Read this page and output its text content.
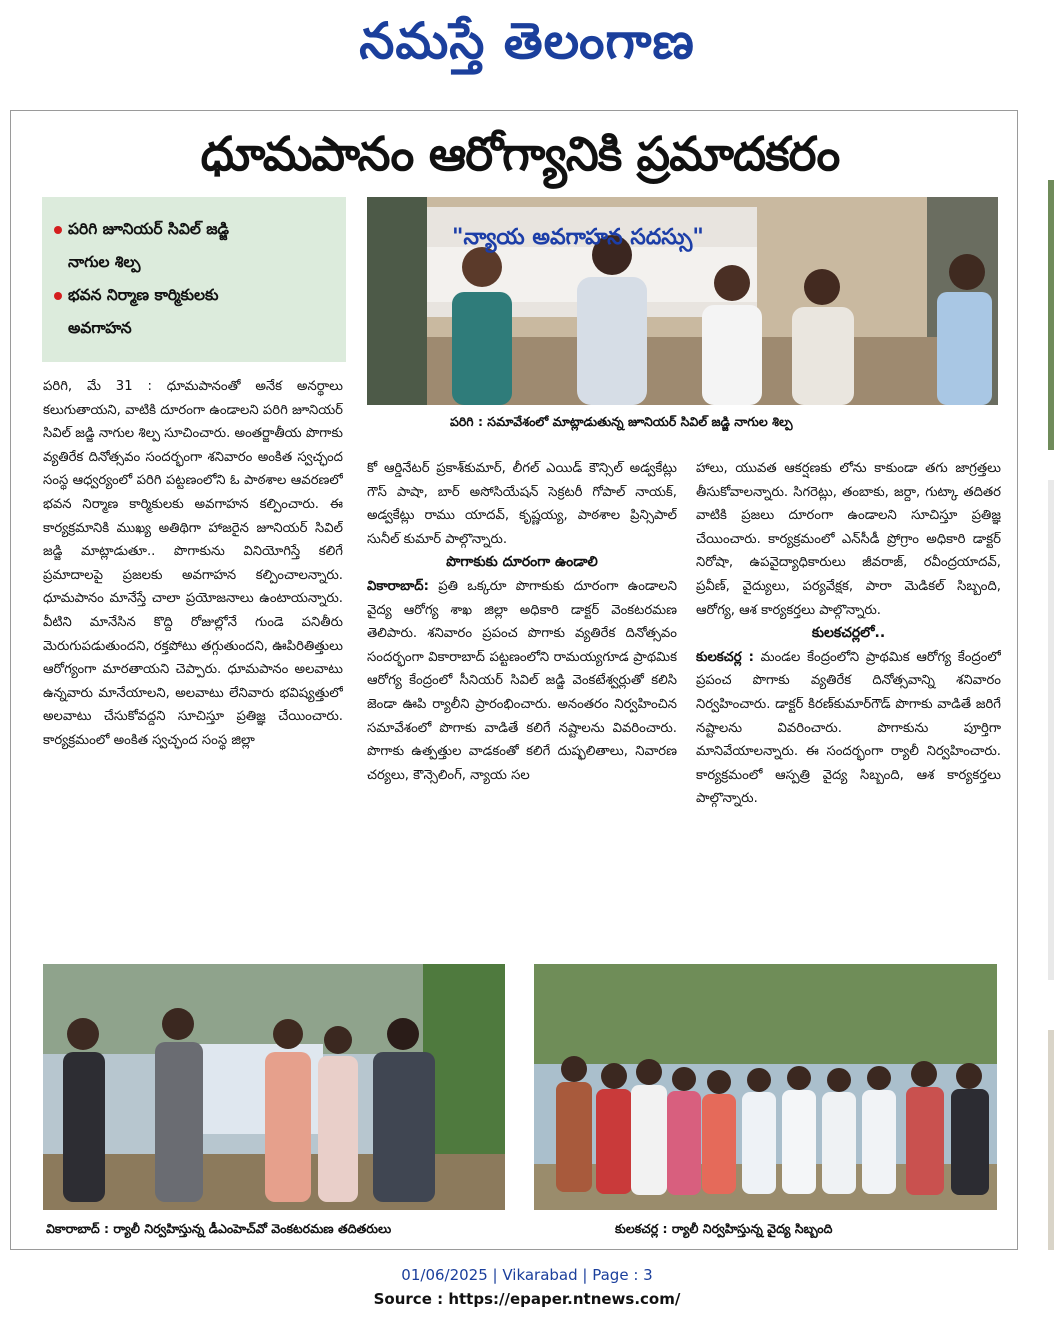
నమస్తే తెలంగాణ
ధూమపానం ఆరోగ్యానికి ప్రమాదకరం
పరిగి జూనియర్ సివిల్ జడ్జి
నాగుల శిల్ప
భవన నిర్మాణ కార్మికులకు
అవగాహన
"న్యాయ అవగాహన సదస్సు"
పరిగి : సమావేశంలో మాట్లాడుతున్న జూనియర్ సివిల్ జడ్జి నాగుల శిల్ప

పరిగి, మే 31 : ధూమపానంతో అనేక అనర్థాలు కలుగుతాయని, వాటికి దూరంగా ఉండాలని పరిగి జూనియర్ సివిల్ జడ్జి నాగుల శిల్ప సూచించారు. అంతర్జాతీయ పొగాకు వ్యతిరేక దినోత్సవం సందర్భంగా శనివారం అంకిత స్వచ్ఛంద సంస్థ ఆధ్వర్యంలో పరిగి పట్టణంలోని ఓ పాఠశాల ఆవరణలో భవన నిర్మాణ కార్మికులకు అవగాహన కల్పించారు. ఈ కార్యక్రమానికి ముఖ్య అతిథిగా హాజరైన జూనియర్ సివిల్ జడ్జి మాట్లాడుతూ.. పొగాకును వినియోగిస్తే కలిగే ప్రమాదాలపై ప్రజలకు అవగాహన కల్పించాలన్నారు. ధూమపానం మానేస్తే చాలా ప్రయోజనాలు ఉంటాయన్నారు. వీటిని మానేసిన కొద్ది రోజుల్లోనే గుండె పనితీరు మెరుగుపడుతుందని, రక్తపోటు తగ్గుతుందని, ఊపిరితిత్తులు ఆరోగ్యంగా మారతాయని చెప్పారు. ధూమపానం అలవాటు ఉన్నవారు మానేయాలని, అలవాటు లేనివారు భవిష్యత్తులో అలవాటు చేసుకోవద్దని సూచిస్తూ ప్రతిజ్ఞ చేయించారు. కార్యక్రమంలో అంకిత స్వచ్ఛంద సంస్థ జిల్లా

కో ఆర్డినేటర్ ప్రకాశ్‌కుమార్, లీగల్ ఎయిడ్ కౌన్సిల్ అడ్వకేట్లు గౌస్ పాషా, బార్ అసోసియేషన్ సెక్రటరీ గోపాల్ నాయక్, అడ్వకేట్లు రాము యాదవ్, కృష్ణయ్య, పాఠశాల ప్రిన్సిపాల్ సునీల్ కుమార్ పాల్గొన్నారు.

పొగాకుకు దూరంగా ఉండాలి

వికారాబాద్: ప్రతి ఒక్కరూ పొగాకుకు దూరంగా ఉండాలని వైద్య ఆరోగ్య శాఖ జిల్లా అధికారి డాక్టర్ వెంకటరమణ తెలిపారు. శనివారం ప్రపంచ పొగాకు వ్యతిరేక దినోత్సవం సందర్భంగా వికారాబాద్ పట్టణంలోని రామయ్యగూడ ప్రాథమిక ఆరోగ్య కేంద్రంలో సీనియర్ సివిల్ జడ్జి వెంకటేశ్వర్లుతో కలిసి జెండా ఊపి ర్యాలీని ప్రారంభించారు. అనంతరం నిర్వహించిన సమావేశంలో పొగాకు వాడితే కలిగే నష్టాలను వివరించారు. పొగాకు ఉత్పత్తుల వాడకంతో కలిగే దుష్ఫలితాలు, నివారణ చర్యలు, కౌన్సెలింగ్, న్యాయ సల

హాలు, యువత ఆకర్షణకు లోను కాకుండా తగు జాగ్రత్తలు తీసుకోవాలన్నారు. సిగరెట్లు, తంబాకు, జర్దా, గుట్కా తదితర వాటికి ప్రజలు దూరంగా ఉండాలని సూచిస్తూ ప్రతిజ్ఞ చేయించారు. కార్యక్రమంలో ఎన్‌సీడీ ప్రోగ్రాం అధికారి డాక్టర్ నిరోషా, ఉపవైద్యాధికారులు జీవరాజ్, రవీంద్రయాదవ్, ప్రవీణ్, వైద్యులు, పర్యవేక్షక, పారా మెడికల్ సిబ్బంది, ఆరోగ్య, ఆశ కార్యకర్తలు పాల్గొన్నారు.

కులకచర్లలో..

కులకచర్ల : మండల కేంద్రంలోని ప్రాథమిక ఆరోగ్య కేంద్రంలో ప్రపంచ పొగాకు వ్యతిరేక దినోత్సవాన్ని శనివారం నిర్వహించారు. డాక్టర్ కిరణ్‌కుమార్‌గౌడ్ పొగాకు వాడితే జరిగే నష్టాలను వివరించారు. పొగాకును పూర్తిగా మానివేయాలన్నారు. ఈ సందర్భంగా ర్యాలీ నిర్వహించారు. కార్యక్రమంలో ఆస్పత్రి వైద్య సిబ్బంది, ఆశ కార్యకర్తలు పాల్గొన్నారు.

వికారాబాద్ : ర్యాలీ నిర్వహిస్తున్న డీఎంహెచ్‌వో వెంకటరమణ తదితరులు	కులకచర్ల : ర్యాలీ నిర్వహిస్తున్న వైద్య సిబ్బంది
01/06/2025 | Vikarabad | Page : 3
Source : https://epaper.ntnews.com/
